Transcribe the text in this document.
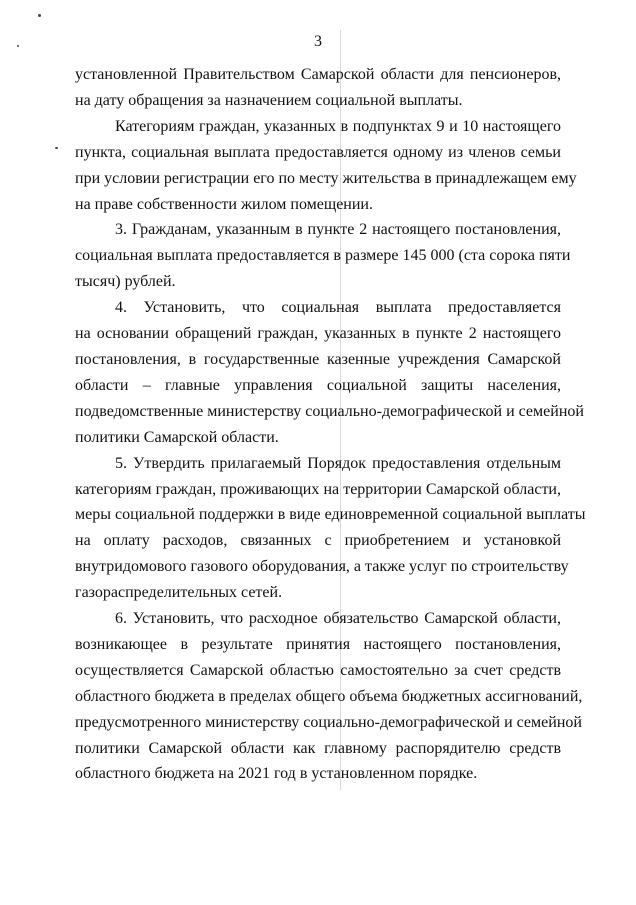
3

установленной Правительством Самарской области для пенсионеров,
на дату обращения за назначением социальной выплаты.

Категориям граждан, указанных в подпунктах 9 и 10 настоящего
пункта, социальная выплата предоставляется одному из членов семьи
при условии регистрации его по месту жительства в принадлежащем ему
на праве собственности жилом помещении.

3. Гражданам, указанным в пункте 2 настоящего постановления,
социальная выплата предоставляется в размере 145 000 (ста сорока пяти
тысяч) рублей.

4. Установить, что социальная выплата предоставляется
на основании обращений граждан, указанных в пункте 2 настоящего
постановления, в государственные казенные учреждения Самарской
области – главные управления социальной защиты населения,
подведомственные министерству социально-демографической и семейной
политики Самарской области.

5. Утвердить прилагаемый Порядок предоставления отдельным
категориям граждан, проживающих на территории Самарской области,
меры социальной поддержки в виде единовременной социальной выплаты
на оплату расходов, связанных с приобретением и установкой
внутридомового газового оборудования, а также услуг по строительству
газораспределительных сетей.

6. Установить, что расходное обязательство Самарской области,
возникающее в результате принятия настоящего постановления,
осуществляется Самарской областью самостоятельно за счет средств
областного бюджета в пределах общего объема бюджетных ассигнований,
предусмотренного министерству социально-демографической и семейной
политики Самарской области как главному распорядителю средств
областного бюджета на 2021 год в установленном порядке.
